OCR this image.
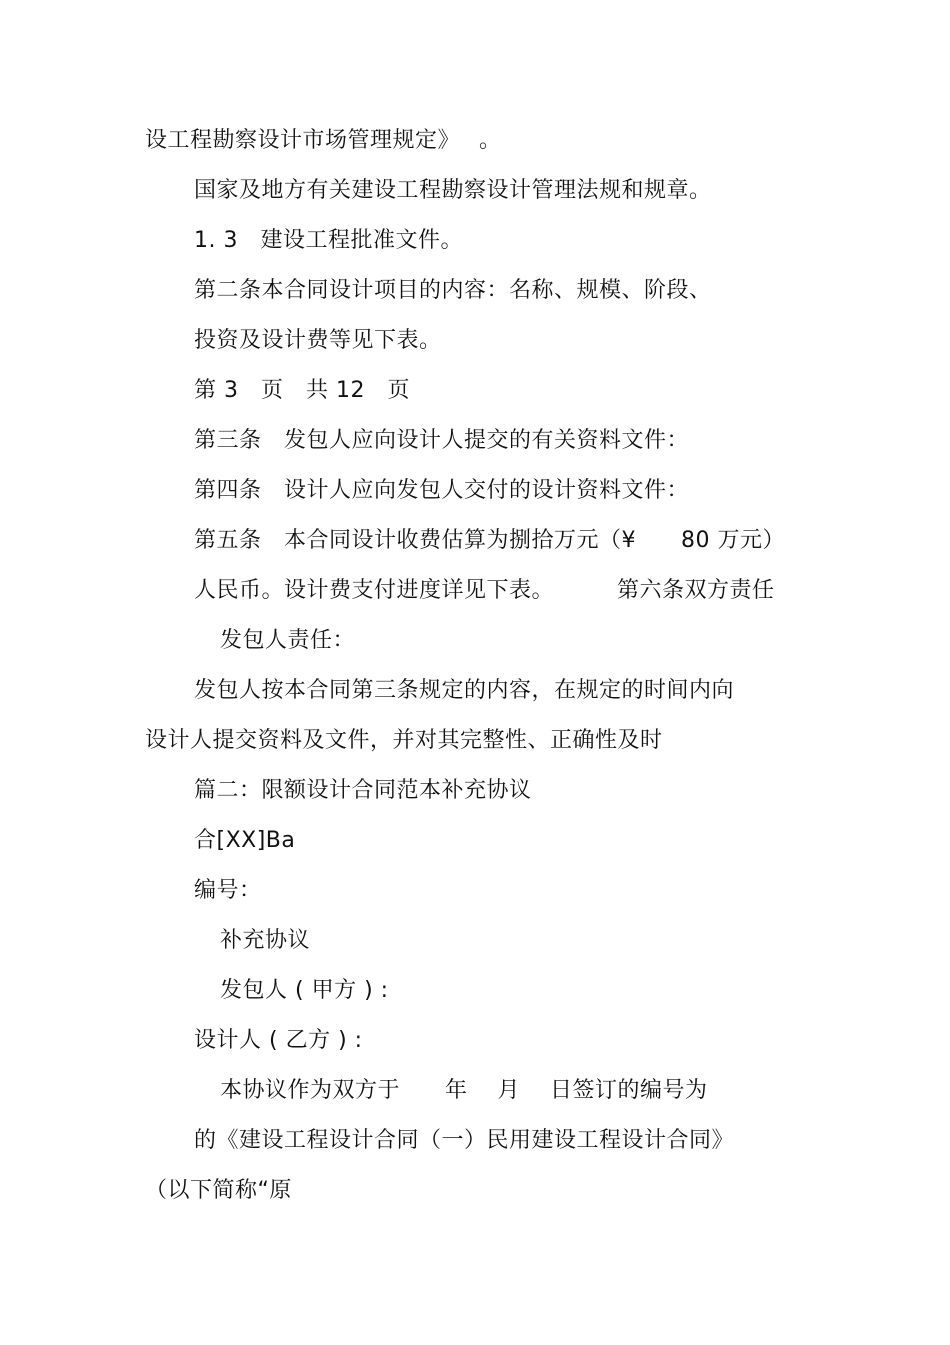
设工程勘察设计市场管理规定》　 。
国家及地方有关建设工程勘察设计管理法规和规章。
1. 3　建设工程批准文件。
第二条本合同设计项目的内容：名称、规模、阶段、
投资及设计费等见下表。
第 3　页　共 12　页
第三条　发包人应向设计人提交的有关资料文件：
第四条　设计人应向发包人交付的设计资料文件：
第五条　本合同设计收费估算为捌拾万元（¥　　80 万元）
人民币。设计费支付进度详见下表。	第六条双方责任
发包人责任：
发包人按本合同第三条规定的内容，在规定的时间内向
设计人提交资料及文件，并对其完整性、正确性及时
篇二：限额设计合同范本补充协议
合[XX]Ba
编号：
补充协议
发包人 ( 甲方 ) :
设计人 ( 乙方 ) :
本协议作为双方于　　年　 月　 日签订的编号为
的《建设工程设计合同（一）民用建设工程设计合同》
（以下简称“原
